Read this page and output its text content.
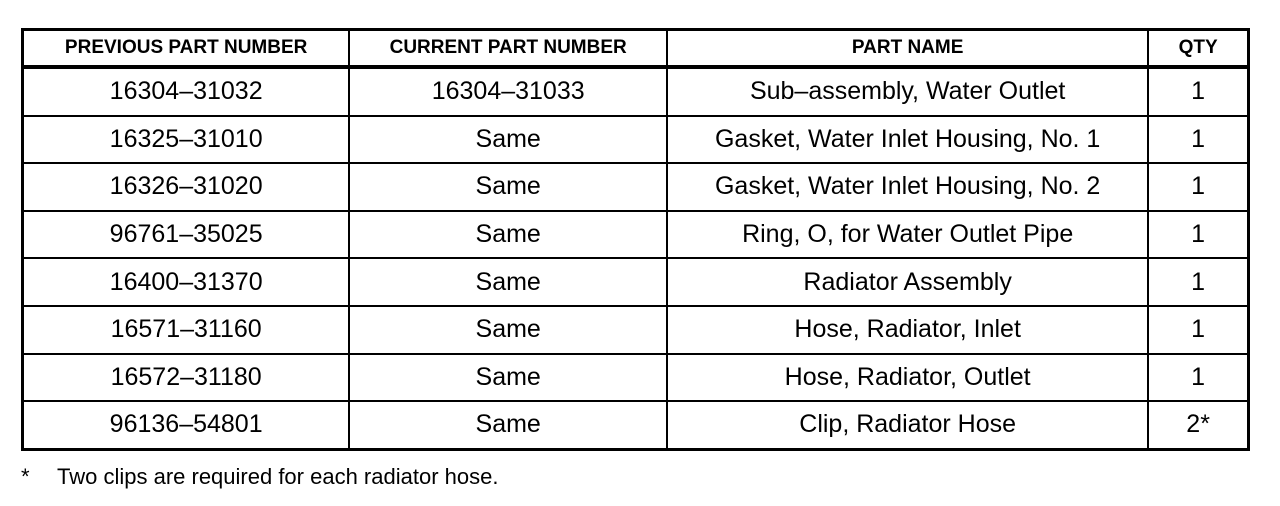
PREVIOUS PART NUMBER	CURRENT PART NUMBER	PART NAME	QTY
16304–31032	16304–31033	Sub–assembly, Water Outlet	1
16325–31010	Same	Gasket, Water Inlet Housing, No. 1	1
16326–31020	Same	Gasket, Water Inlet Housing, No. 2	1
96761–35025	Same	Ring, O, for Water Outlet Pipe	1
16400–31370	Same	Radiator Assembly	1
16571–31160	Same	Hose, Radiator, Inlet	1
16572–31180	Same	Hose, Radiator, Outlet	1
96136–54801	Same	Clip, Radiator Hose	2*
* Two clips are required for each radiator hose.
